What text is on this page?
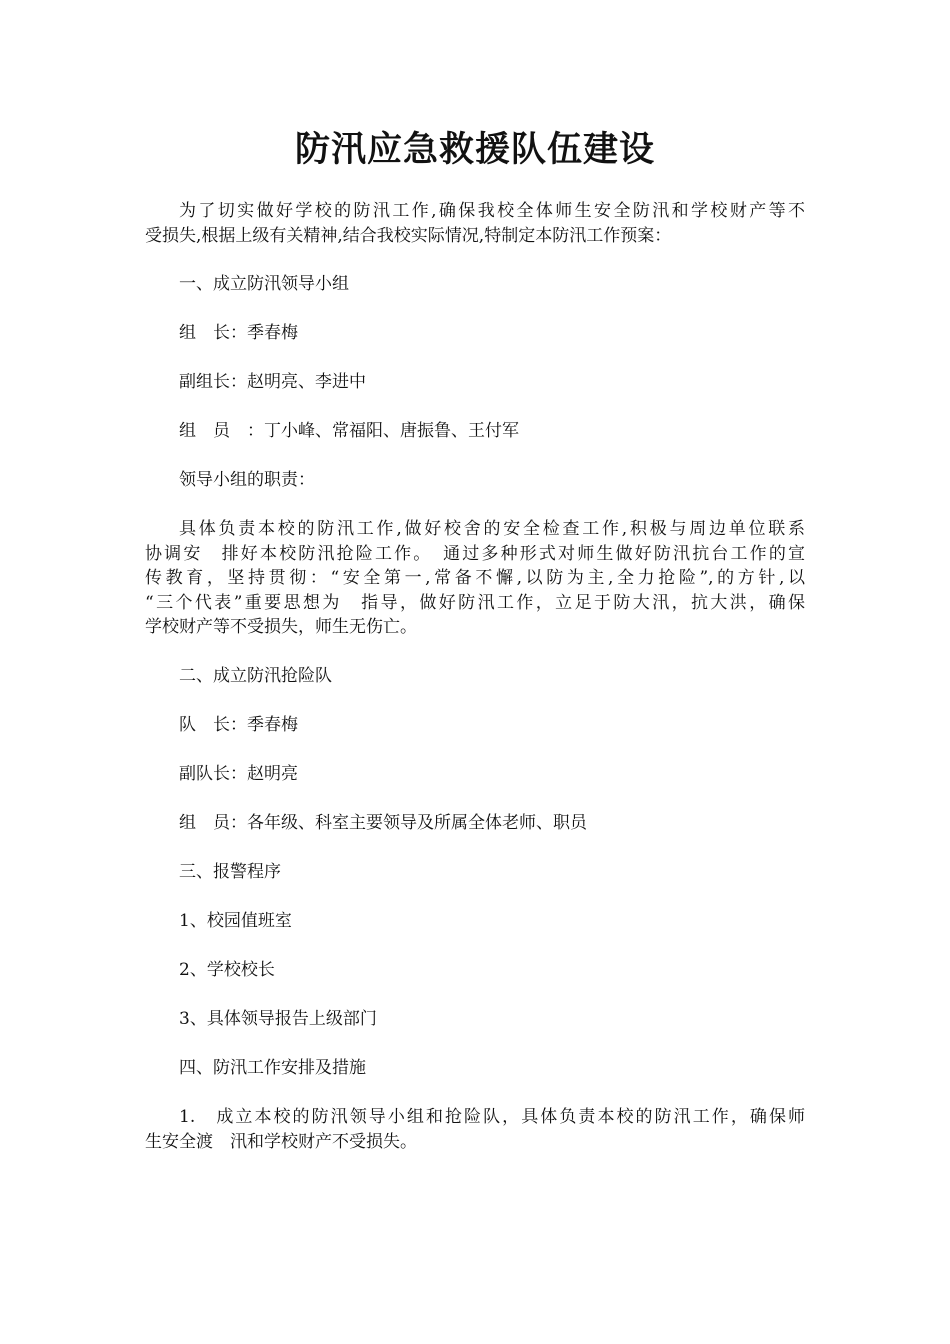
防汛应急救援队伍建设
为了切实做好学校的防汛工作,确保我校全体师生安全防汛和学校财产等不
受损失,根据上级有关精神,结合我校实际情况,特制定本防汛工作预案：

一、成立防汛领导小组

组　长：季春梅

副组长：赵明亮、李进中

组　员　：丁小峰、常福阳、唐振鲁、王付军

领导小组的职责：

具体负责本校的防汛工作,做好校舍的安全检查工作,积极与周边单位联系
协调安　排好本校防汛抢险工作。　通过多种形式对师生做好防汛抗台工作的宣
传教育，坚持贯彻：“安全第一,常备不懈,以防为主,全力抢险”,的方针,以
“三个代表”重要思想为　指导，做好防汛工作，立足于防大汛，抗大洪，确保
学校财产等不受损失，师生无伤亡。

二、成立防汛抢险队

队　长：季春梅

副队长：赵明亮

组　员：各年级、科室主要领导及所属全体老师、职员

三、报警程序

1、校园值班室

2、学校校长

3、具体领导报告上级部门

四、防汛工作安排及措施

1.　成立本校的防汛领导小组和抢险队，具体负责本校的防汛工作，确保师
生安全渡　汛和学校财产不受损失。
